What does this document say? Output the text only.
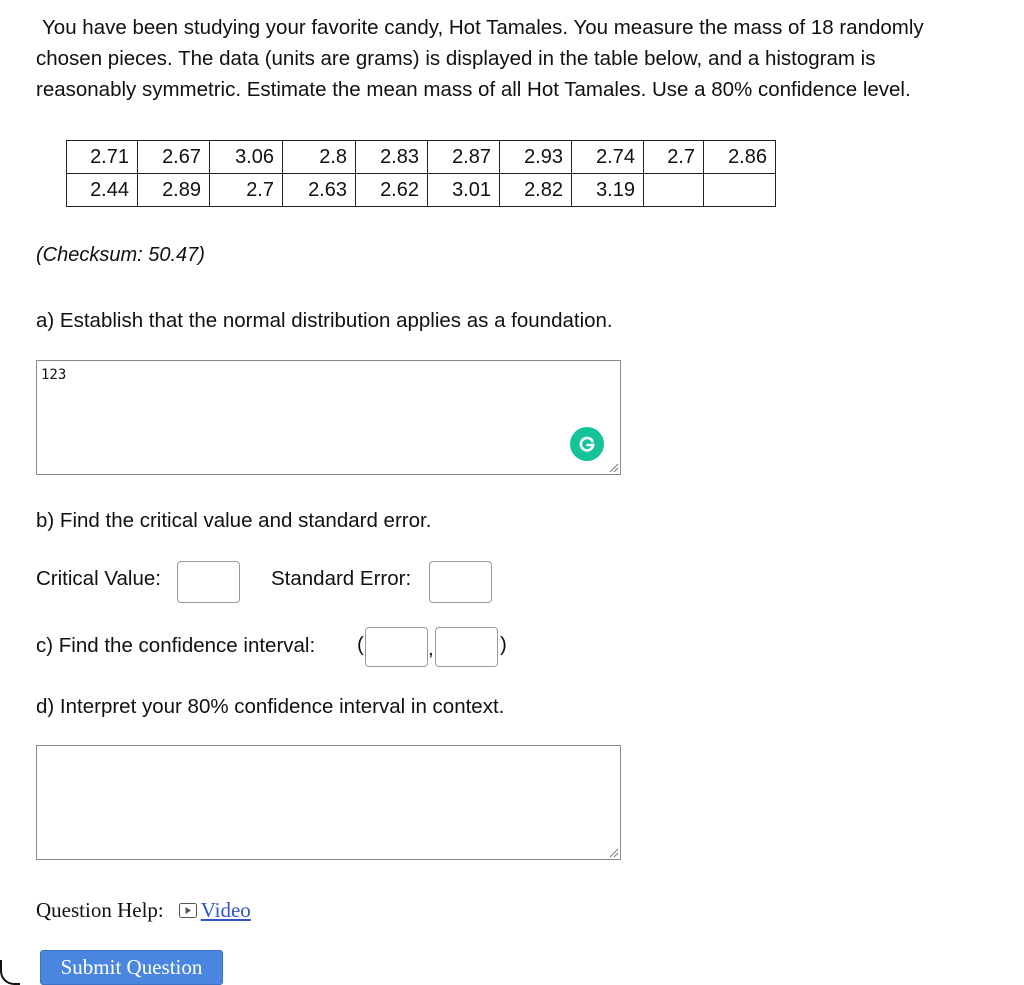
You have been studying your favorite candy, Hot Tamales. You measure the mass of 18 randomly
chosen pieces. The data (units are grams) is displayed in the table below, and a histogram is
reasonably symmetric. Estimate the mean mass of all Hot Tamales. Use a 80% confidence level.
2.71	2.67	3.06	2.8	2.83	2.87	2.93	2.74	2.7	2.86
2.44	2.89	2.7	2.63	2.62	3.01	2.82	3.19		
(Checksum: 50.47)
a) Establish that the normal distribution applies as a foundation.
123
b) Find the critical value and standard error.
Critical Value:	Standard Error:
c) Find the confidence interval: (	,	)
d) Interpret your 80% confidence interval in context.
Question Help: Video
Submit Question
